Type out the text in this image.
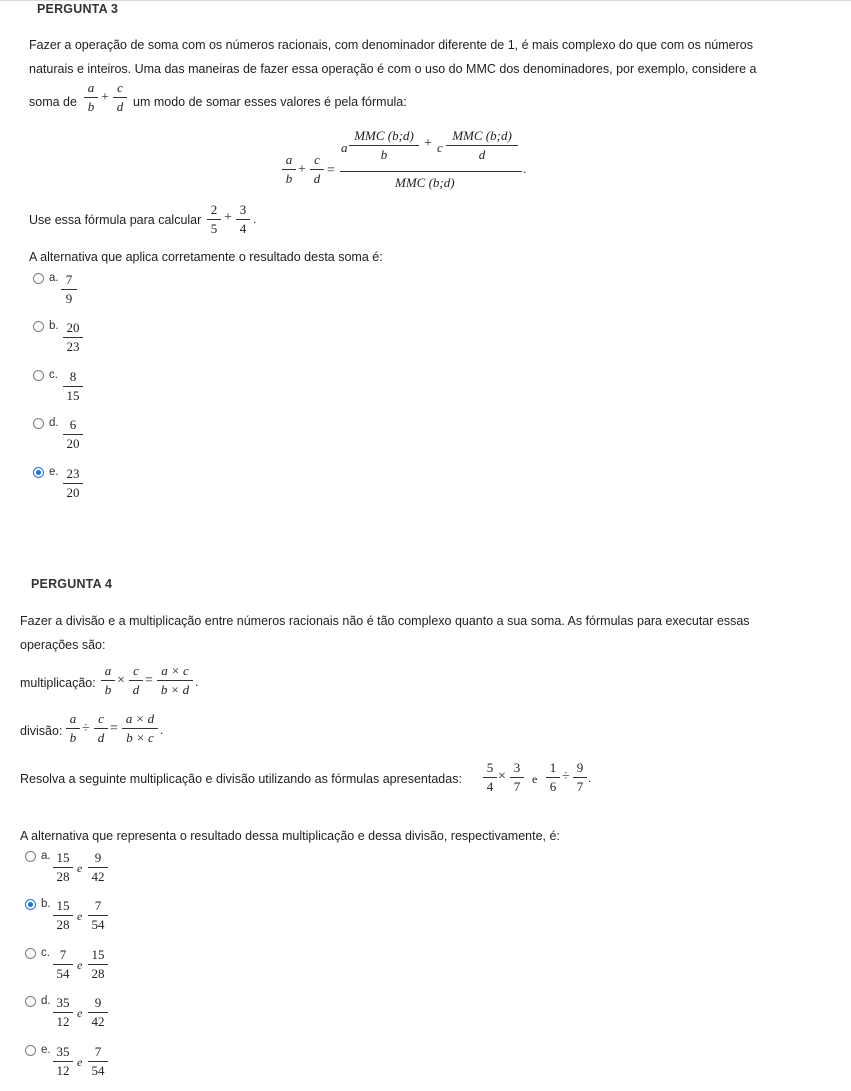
PERGUNTA 3
Fazer a operação de soma com os números racionais, com denominador diferente de 1, é mais complexo do que com os números
naturais e inteiros. Uma das maneiras de fazer essa operação é com o uso do MMC dos denominadores, por exemplo, considere a
soma de
a
b
+
c
d um modo de somar esses valores é pela fórmula:
a
b
+
c
d
=
a
MMC (b;d)
b
+ c
MMC (b;d)
d
MMC (b;d)
.
Use essa fórmula para calcular
2
5
+
3
4
.
A alternativa que aplica corretamente o resultado desta soma é:
a. 7
9
b. 20
23
c. 8
15
d. 6
20
e. 23
20
PERGUNTA 4
Fazer a divisão e a multiplicação entre números racionais não é tão complexo quanto a sua soma. As fórmulas para executar essas
operações são:
multiplicação:
a
b
×
c
d
=
a × c
b × d .
divisão:
a
b
÷
c
d
=
a × d
b × c .
Resolva a seguinte multiplicação e divisão utilizando as fórmulas apresentadas:
5
4
×
3
7 e
1
6
÷
9
7
.
A alternativa que representa o resultado dessa multiplicação e dessa divisão, respectivamente, é:
a. 15
28
e
9
42
b. 15
28
e
7
54
c. 7
54
e
15
28
d. 35
12
e
9
42
e. 35
12
e
7
54
